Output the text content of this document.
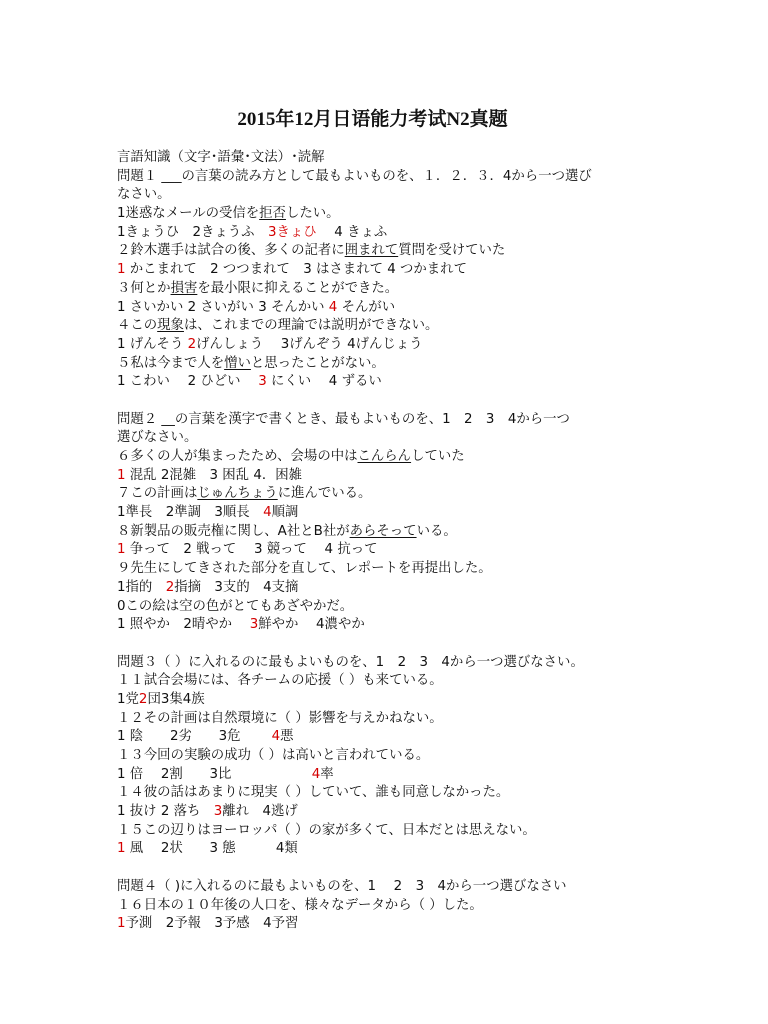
2015年12月日语能力考试N2真题
言語知識（文字･語彙･文法）･読解
問題１ ___の言葉の読み方として最もよいものを、１．２．３．4から一つ選び
なさい。
1迷惑なメールの受信を拒否したい。
1きょうひ　2きょうふ　3きょひ　 4 きょふ
２鈴木選手は試合の後、多くの記者に囲まれて質問を受けていた
1 かこまれて　2 つつまれて　3 はさまれて 4 つかまれて
３何とか損害を最小限に抑えることができた。
1 さいかい 2 さいがい 3 そんかい 4 そんがい
４この現象は、これまでの理論では説明ができない。
1 げんそう 2げんしょう　 3げんぞう 4げんじょう
５私は今まで人を憎いと思ったことがない。
1 こわい　 2 ひどい　 3 にくい　 4 ずるい
問題２ __の言葉を漢字で書くとき、最もよいものを、1　2　3　4から一つ
選びなさい。
６多くの人が集まったため、会場の中はこんらんしていた
1 混乱 2混雑　3 困乱 4．困雑
７この計画はじゅんちょうに進んでいる。
1準長　2準調　3順長　4順調
８新製品の販売権に関し、A社とB社があらそっている。
1 争って　2 戦って　 3 競って　 4 抗って
９先生にしてきされた部分を直して、レポートを再提出した。
1指的　2指摘　3支的　4支摘
0この絵は空の色がとてもあざやかだ。
1 照やか　2晴やか　 3鮮やか　 4濃やか
問題３（ ）に入れるのに最もよいものを、1　2　3　4から一つ選びなさい。
１１試合会場には、各チームの応援（ ）も来ている。
1党2団3集4族
１２その計画は自然環境に（ ）影響を与えかねない。
1 陰　　2劣　　3危　　 4悪
１３今回の実験の成功（ ）は高いと言われている。
1 倍　 2割　　3比　　　　　　4率
１４彼の話はあまりに現実（ ）していて、誰も同意しなかった。
1 抜け 2 落ち　3離れ　4逃げ
１５この辺りはヨーロッパ（ ）の家が多くて、日本だとは思えない。
1 風　 2状　　3 態　　　4類
問題４（ )に入れるのに最もよいものを、1　 2　3　4から一つ選びなさい
１６日本の１０年後の人口を、様々なデータから（ ）した。
1予測　2予報　3予感　4予習
